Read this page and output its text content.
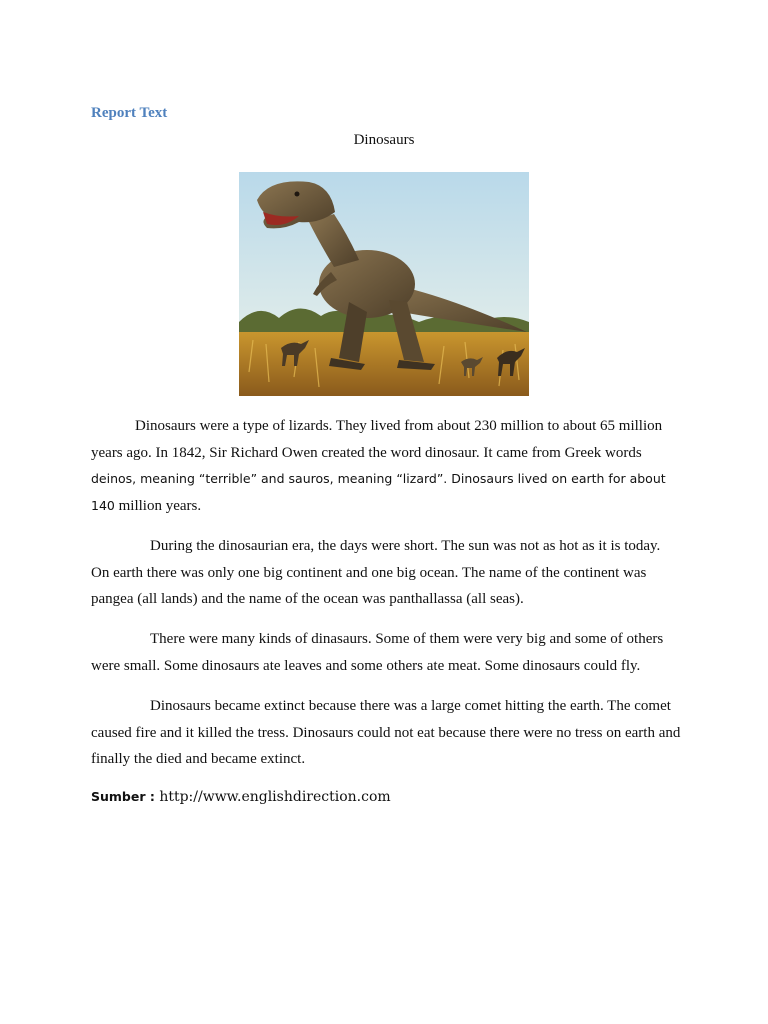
Report Text
Dinosaurs

Dinosaurs were a type of lizards. They lived from about 230 million to about 65 million years ago. In 1842, Sir Richard Owen created the word dinosaur. It came from Greek words deinos, meaning “terrible” and sauros, meaning “lizard”. Dinosaurs lived on earth for about 140 million years.

During the dinosaurian era, the days were short. The sun was not as hot as it is today. On earth there was only one big continent and one big ocean. The name of the continent was pangea (all lands) and the name of the ocean was panthallassa (all seas).

There were many kinds of dinasaurs. Some of them were very big and some of others were small. Some dinosaurs ate leaves and some others ate meat. Some dinosaurs could fly.

Dinosaurs became extinct because there was a large comet hitting the earth. The comet caused fire and it killed the tress. Dinosaurs could not eat because there were no tress on earth and finally the died and became extinct.

Sumber : http://www.englishdirection.com
